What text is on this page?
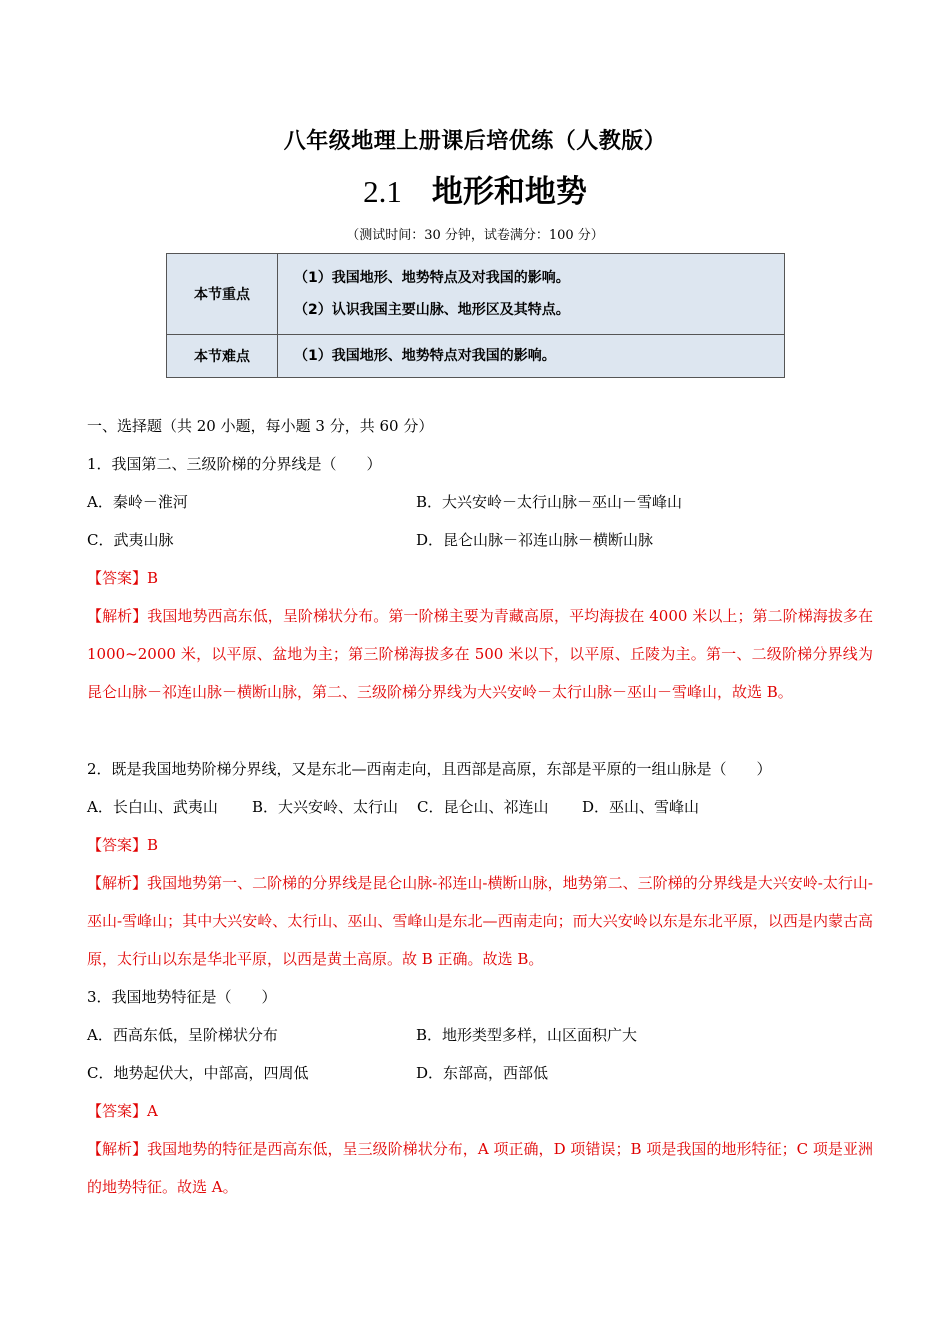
八年级地理上册课后培优练（人教版）
2.1 地形和地势
（测试时间：30 分钟，试卷满分：100 分）
本节重点	（1）我国地形、地势特点及对我国的影响。
（2）认识我国主要山脉、地形区及其特点。

本节难点	（1）我国地形、地势特点对我国的影响。
一、选择题（共 20 小题，每小题 3 分，共 60 分）
1．我国第二、三级阶梯的分界线是（　　）
A．秦岭－淮河	B．大兴安岭－太行山脉－巫山－雪峰山
C．武夷山脉	D．昆仑山脉－祁连山脉－横断山脉
【答案】B
【解析】我国地势西高东低，呈阶梯状分布。第一阶梯主要为青藏高原，平均海拔在 4000 米以上；第二阶梯海拔多在 1000~2000 米，以平原、盆地为主；第三阶梯海拔多在 500 米以下，以平原、丘陵为主。第一、二级阶梯分界线为昆仑山脉－祁连山脉－横断山脉，第二、三级阶梯分界线为大兴安岭－太行山脉－巫山－雪峰山，故选 B。
2．既是我国地势阶梯分界线，又是东北—西南走向，且西部是高原，东部是平原的一组山脉是（　　）
A．长白山、武夷山 B．大兴安岭、太行山 C．昆仑山、祁连山 D．巫山、雪峰山
【答案】B
【解析】我国地势第一、二阶梯的分界线是昆仑山脉-祁连山-横断山脉，地势第二、三阶梯的分界线是大兴安岭-太行山-巫山-雪峰山；其中大兴安岭、太行山、巫山、雪峰山是东北—西南走向；而大兴安岭以东是东北平原，以西是内蒙古高原，太行山以东是华北平原，以西是黄土高原。故 B 正确。故选 B。
3．我国地势特征是（　　）
A．西高东低，呈阶梯状分布	B．地形类型多样，山区面积广大
C．地势起伏大，中部高，四周低	D．东部高，西部低
【答案】A
【解析】我国地势的特征是西高东低，呈三级阶梯状分布，A 项正确，D 项错误；B 项是我国的地形特征；C 项是亚洲的地势特征。故选 A。
